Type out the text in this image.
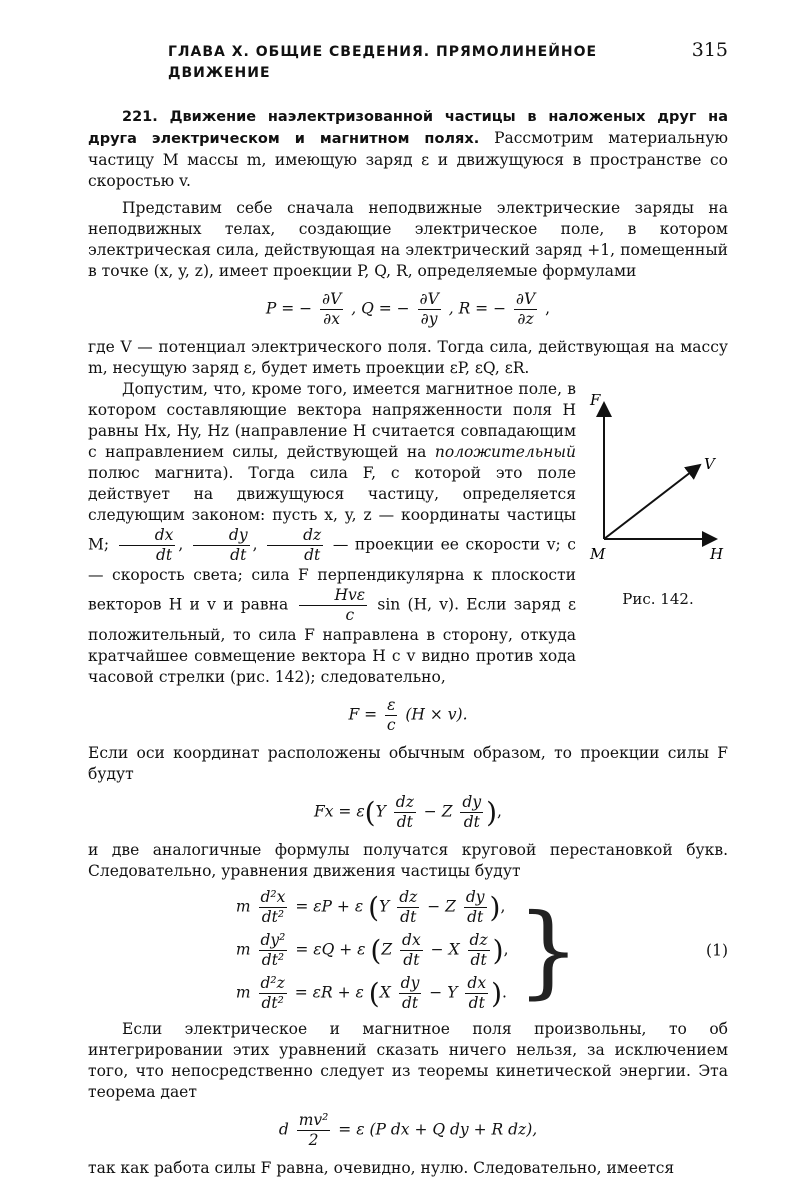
ГЛАВА X. ОБЩИЕ СВЕДЕНИЯ. ПРЯМОЛИНЕЙНОЕ ДВИЖЕНИЕ
315

221. Движение наэлектризованной частицы в наложеных друг на друга электрическом и магнитном полях. Рассмотрим материальную частицу M массы m, имеющую заряд ε и движущуюся в пространстве со скоростью v.

Представим себе сначала неподвижные электрические заряды на неподвижных телах, создающие электрическое поле, в котором электрическая сила, действующая на электрический заряд +1, помещенный в точке (x, y, z), имеет проекции P, Q, R, определяемые формулами

P = − $\frac{\partial V}{\partial x}$ , Q = − $\frac{\partial V}{\partial y}$ , R = − $\frac{\partial V}{\partial z}$ ,

где V — потенциал электрического поля. Тогда сила, действующая на массу m, несущую заряд ε, будет иметь проекции εP, εQ, εR.

Допустим, что, кроме того, имеется магнитное поле, в котором составляющие вектора напряженности поля H равны Hx, Hy, Hz (направление H считается совпадающим с направлением силы, действующей на положительный полюс магнита). Тогда сила F, с которой это поле действует на движущуюся частицу, определяется следующим законом: пусть x, y, z — координаты частицы M; $\frac{dx}{dt}$ , $\frac{dy}{dt}$ , $\frac{dz}{dt}$ — проекции ее скорости v; c — скорость света; сила F перпендикулярна к плоскости векторов H и v и равна $\frac{\text{Hvε}}{c}$ sin (H, v). Если заряд ε положительный, то сила F направлена в сторону, откуда кратчайшее совмещение вектора H с v видно против хода часовой стрелки (рис. 142); следовательно,

F
V
M	H
Рис. 142.
$F = \frac{\varepsilon}{c} (H \times v)$.

Если оси координат расположены обычным образом, то проекции силы F будут

$Fx = \varepsilon(Y \frac{dz}{dt} - Z \frac{dy}{dt}$ ),

и две аналогичные формулы получатся круговой перестановкой букв. Следовательно, уравнения движения частицы будут

m $\frac{\text{d²x}}{\text{dt²}} = \varepsilon P + \varepsilon$ ($Y \frac{dz}{dt} - Z \frac{dy}{dt}$ ),
m $\frac{\text{dy²}}{\text{dt²}} = \varepsilon Q + \varepsilon$ ($Z \frac{dx}{dt} - X \frac{dz}{dt}$ ),
m $\frac{\text{d²z}}{\text{dt²}} = \varepsilon R + \varepsilon$ ($X \frac{dy}{dt} - Y \frac{dx}{dt}$ ). }	(1)

Если электрическое и магнитное поля произвольны, то об интегрировании этих уравнений сказать ничего нельзя, за исключением того, что непосредственно следует из теоремы кинетической энергии. Эта теорема дает

d $\frac{\text{mv²}}{2} = \varepsilon$ (P dx + Q dy + R dz),

так как работа силы F равна, очевидно, нулю. Следовательно, имеется
